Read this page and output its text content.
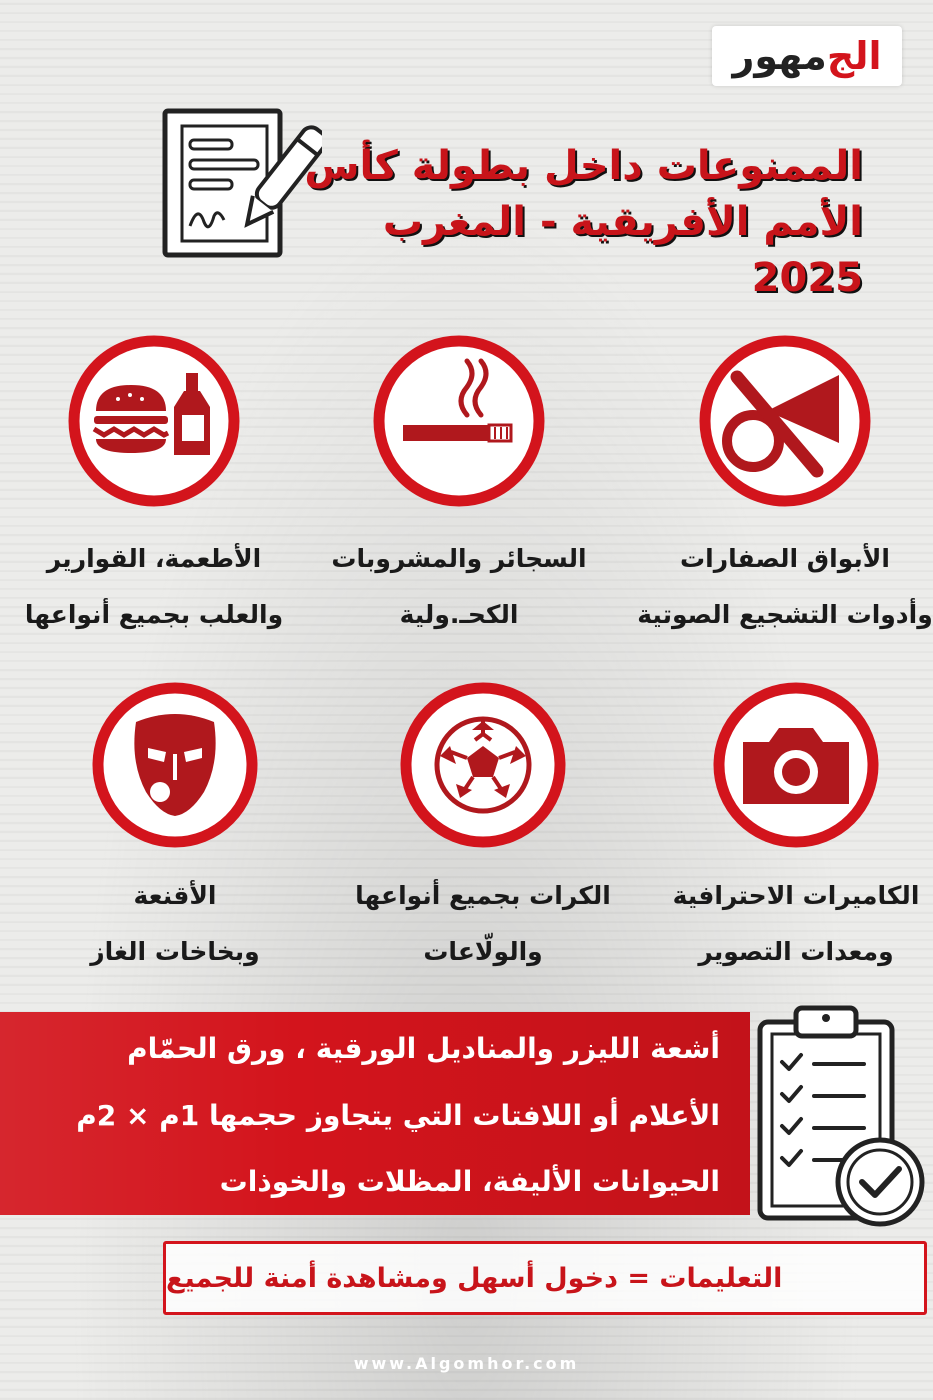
الج
مهور
الممنوعات داخل بطولة كأس
الأمم الأفريقية - المغرب 2025
الأبواق الصفارات
وأدوات التشجيع الصوتية
السجائر والمشروبات
الكحـ.ولية
الأطعمة، القوارير
والعلب بجميع أنواعها
الكاميرات الاحترافية
ومعدات التصوير
الكرات بجميع أنواعها
والولّاعات
الأقنعة
وبخاخات الغاز
أشعة الليزر والمناديل الورقية ، ورق الحمّام
الأعلام أو اللافتات التي يتجاوز حجمها 1م × 2م
الحيوانات الأليفة، المظلات والخوذات
التعليمات = دخول أسهل ومشاهدة أمنة للجميع
www.Algomhor.com
